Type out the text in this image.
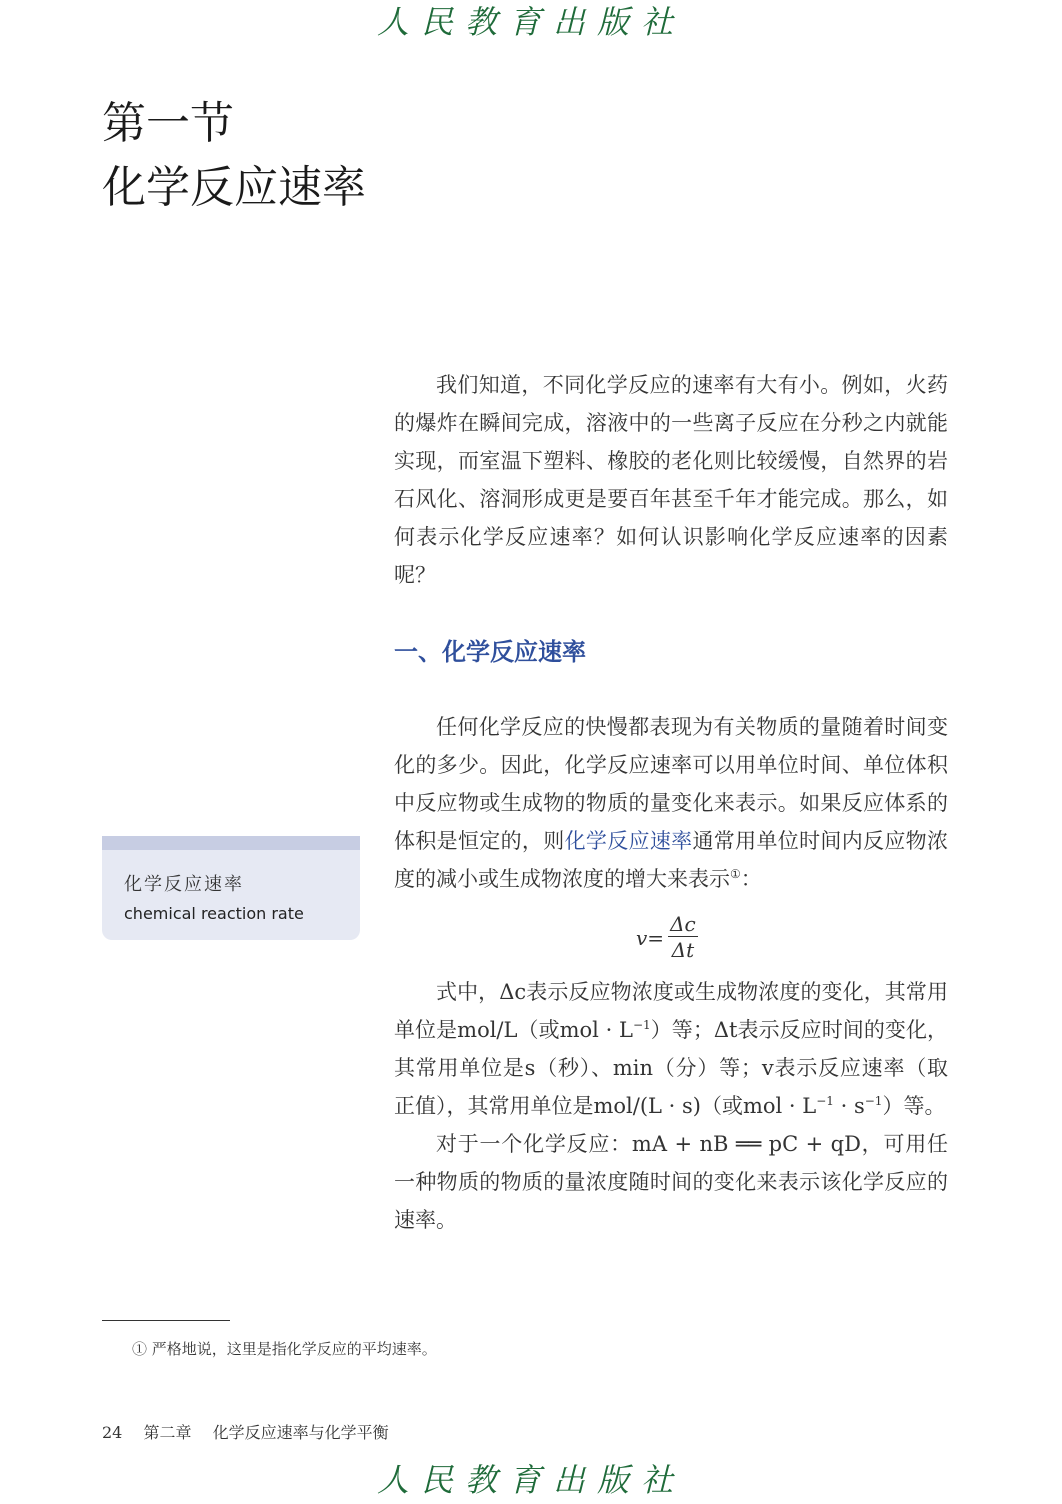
人民教育出版社
第一节
化学反应速率

我们知道，不同化学反应的速率有大有小。例如，火药的爆炸在瞬间完成，溶液中的一些离子反应在分秒之内就能实现，而室温下塑料、橡胶的老化则比较缓慢，自然界的岩石风化、溶洞形成更是要百年甚至千年才能完成。那么，如何表示化学反应速率？如何认识影响化学反应速率的因素呢？

一、化学反应速率

任何化学反应的快慢都表现为有关物质的量随着时间变化的多少。因此，化学反应速率可以用单位时间、单位体积中反应物或生成物的物质的量变化来表示。如果反应体系的体积是恒定的，则化学反应速率通常用单位时间内反应物浓度的减小或生成物浓度的增大来表示①：

$v= \frac{\Delta c}{\Delta t}$

式中，Δc表示反应物浓度或生成物浓度的变化，其常用单位是mol/L（或mol · $L^{-1}$）等；Δt表示反应时间的变化，其常用单位是s（秒）、min（分）等；v表示反应速率（取正值），其常用单位是mol/(L · s)（或mol · $L^{-1} \cdot s^{-1}$）等。

对于一个化学反应：mA + nB ══ pC + qD，可用任一种物质的物质的量浓度随时间的变化来表示该化学反应的速率。

化学反应速率
chemical reaction rate
① 严格地说，这里是指化学反应的平均速率。
24 第二章 化学反应速率与化学平衡
人民教育出版社
